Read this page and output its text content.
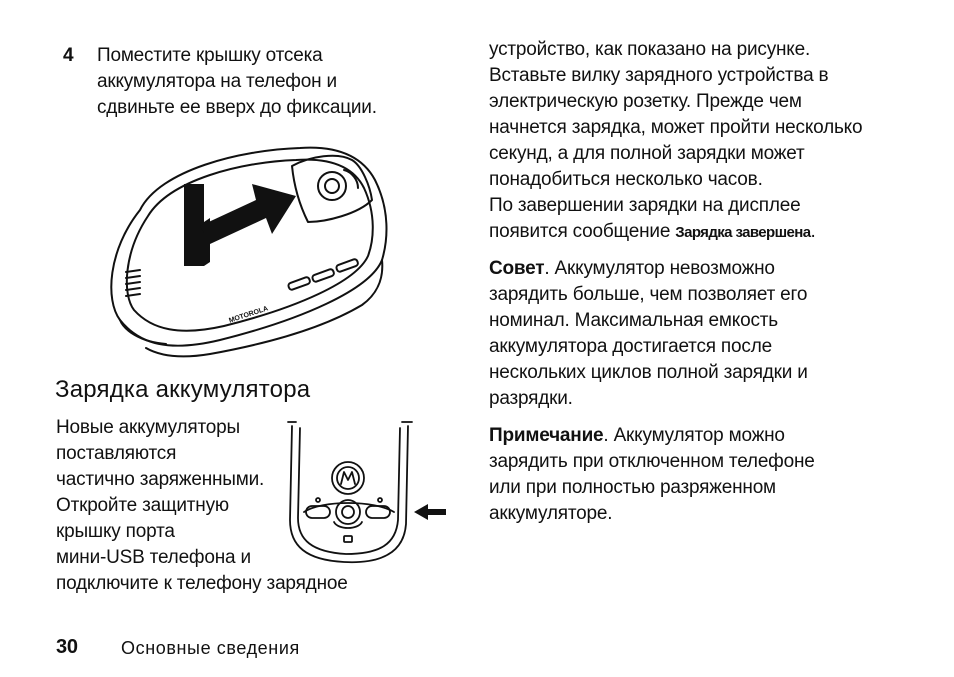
4 Поместите крышку отсека
аккумулятора на телефон и
сдвиньте ее вверх до фиксации.
MOTOROLA
Зарядка аккумулятора
Новые аккумуляторы
поставляются
частично заряженными.
Откройте защитную
крышку порта
мини-USB телефона и
подключите к телефону зарядное
устройство, как показано на рисунке.
Вставьте вилку зарядного устройства в
электрическую розетку. Прежде чем
начнется зарядка, может пройти несколько
секунд, а для полной зарядки может
понадобиться несколько часов.
По завершении зарядки на дисплее
появится сообщение Зарядка завершена.
Совет. Аккумулятор невозможно
зарядить больше, чем позволяет его
номинал. Максимальная емкость
аккумулятора достигается после
нескольких циклов полной зарядки и
разрядки.
Примечание. Аккумулятор можно
зарядить при отключенном телефоне
или при полностью разряженном
аккумуляторе.
30 Основные сведения
